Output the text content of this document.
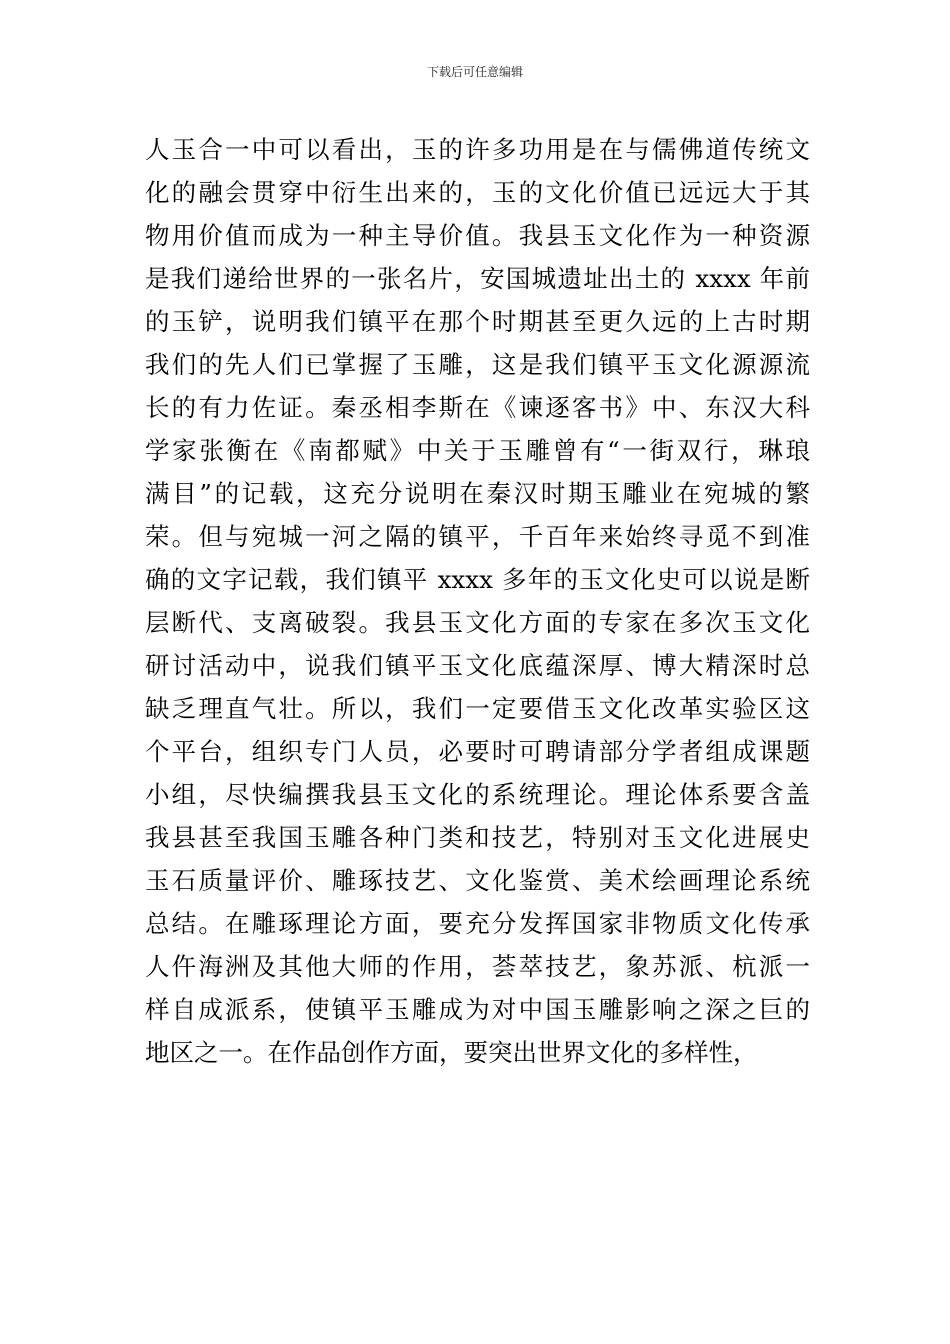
下载后可任意编辑
人玉合一中可以看出，玉的许多功用是在与儒佛道传统文
化的融会贯穿中衍生出来的，玉的文化价值已远远大于其
物用价值而成为一种主导价值。我县玉文化作为一种资源
是我们递给世界的一张名片，安国城遗址出土的 xxxx 年前
的玉铲，说明我们镇平在那个时期甚至更久远的上古时期
我们的先人们已掌握了玉雕，这是我们镇平玉文化源源流
长的有力佐证。秦丞相李斯在《谏逐客书》中、东汉大科
学家张衡在《南都赋》中关于玉雕曾有“一街双行，琳琅
满目”的记载，这充分说明在秦汉时期玉雕业在宛城的繁
荣。但与宛城一河之隔的镇平，千百年来始终寻觅不到准
确的文字记载，我们镇平 xxxx 多年的玉文化史可以说是断
层断代、支离破裂。我县玉文化方面的专家在多次玉文化
研讨活动中，说我们镇平玉文化底蕴深厚、博大精深时总
缺乏理直气壮。所以，我们一定要借玉文化改革实验区这
个平台，组织专门人员，必要时可聘请部分学者组成课题
小组，尽快编撰我县玉文化的系统理论。理论体系要含盖
我县甚至我国玉雕各种门类和技艺，特别对玉文化进展史
玉石质量评价、雕琢技艺、文化鉴赏、美术绘画理论系统
总结。在雕琢理论方面，要充分发挥国家非物质文化传承
人仵海洲及其他大师的作用，荟萃技艺，象苏派、杭派一
样自成派系，使镇平玉雕成为对中国玉雕影响之深之巨的
地区之一。在作品创作方面，要突出世界文化的多样性，
